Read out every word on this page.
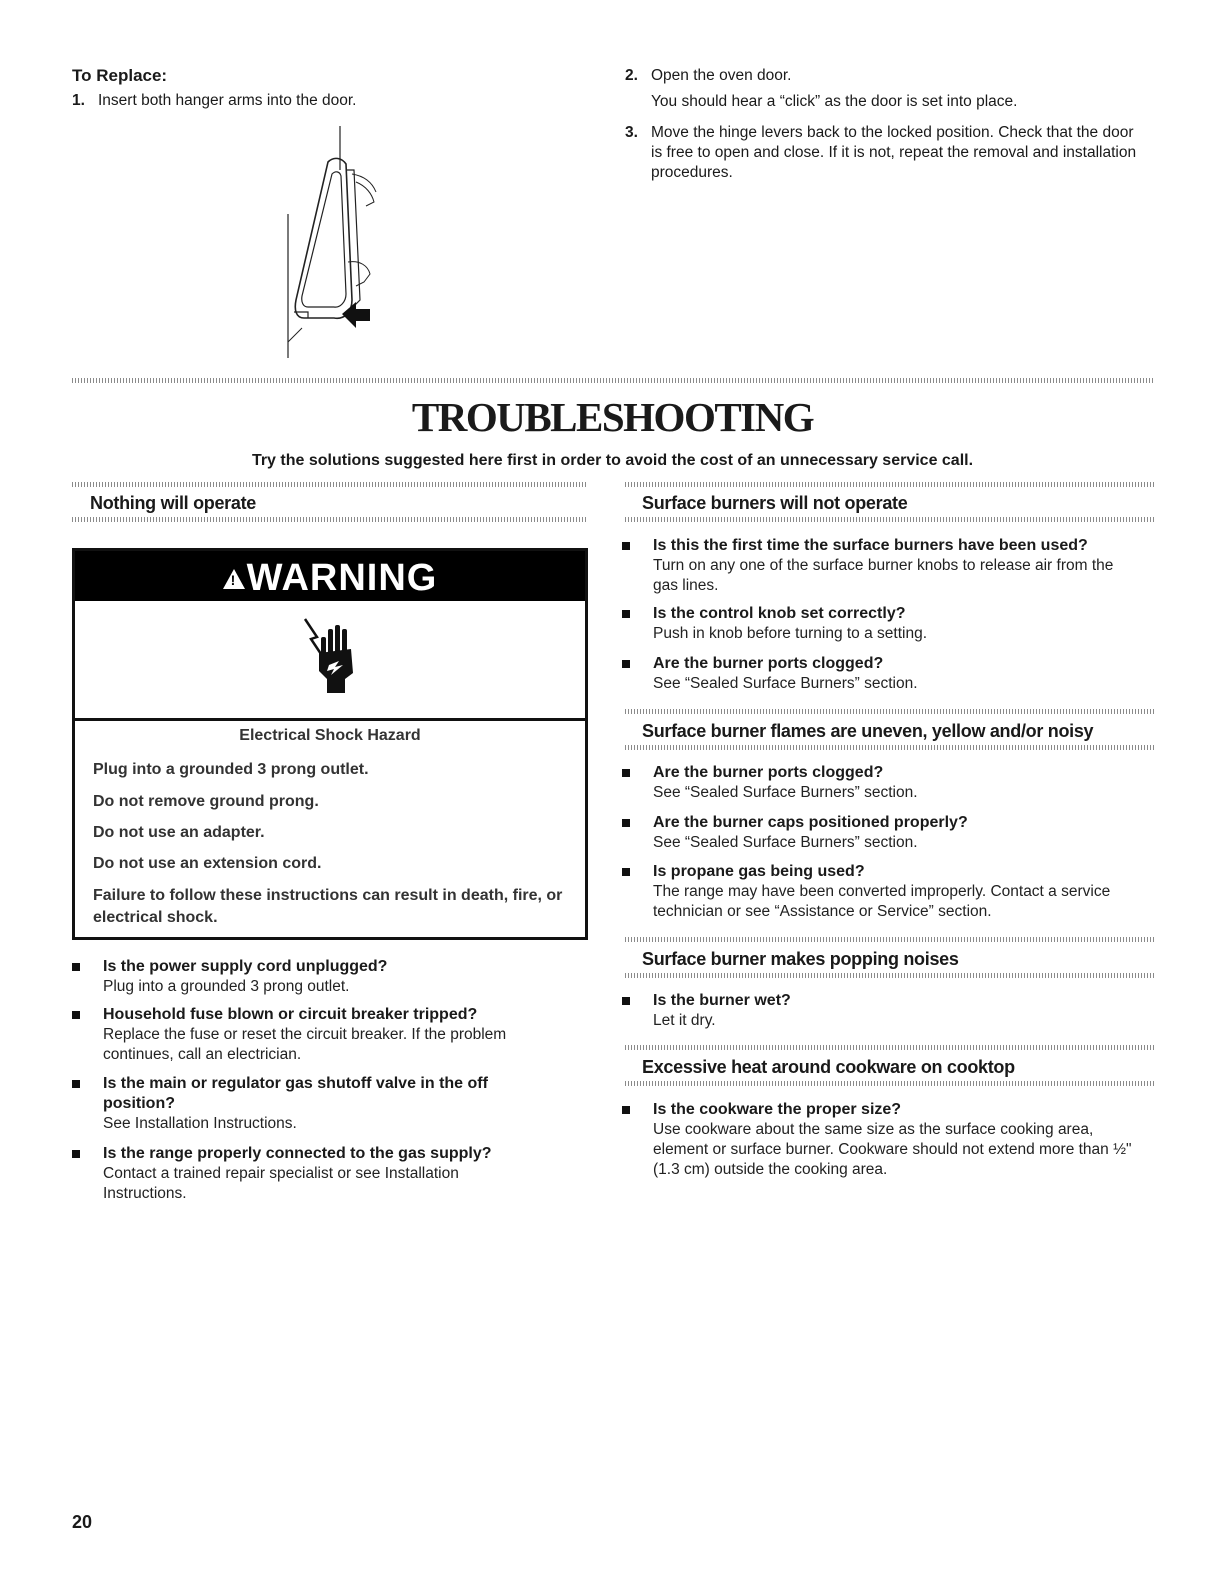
To Replace:
1. Insert both hanger arms into the door.
2. Open the oven door.
You should hear a “click” as the door is set into place.
3. Move the hinge levers back to the locked position. Check that the door is free to open and close. If it is not, repeat the removal and installation procedures.
TROUBLESHOOTING
Try the solutions suggested here first in order to avoid the cost of an unnecessary service call.
Nothing will operate
!WARNING
Electrical Shock Hazard
Plug into a grounded 3 prong outlet.
Do not remove ground prong.
Do not use an adapter.
Do not use an extension cord.
Failure to follow these instructions can result in death, fire, or electrical shock.
Is the power supply cord unplugged?
Plug into a grounded 3 prong outlet.
Household fuse blown or circuit breaker tripped?
Replace the fuse or reset the circuit breaker. If the problem continues, call an electrician.
Is the main or regulator gas shutoff valve in the off position?
See Installation Instructions.
Is the range properly connected to the gas supply?
Contact a trained repair specialist or see Installation Instructions.
Surface burners will not operate
Is this the first time the surface burners have been used?
Turn on any one of the surface burner knobs to release air from the gas lines.
Is the control knob set correctly?
Push in knob before turning to a setting.
Are the burner ports clogged?
See “Sealed Surface Burners” section.
Surface burner flames are uneven, yellow and/or noisy
Are the burner ports clogged?
See “Sealed Surface Burners” section.
Are the burner caps positioned properly?
See “Sealed Surface Burners” section.
Is propane gas being used?
The range may have been converted improperly. Contact a service technician or see “Assistance or Service” section.
Surface burner makes popping noises
Is the burner wet?
Let it dry.
Excessive heat around cookware on cooktop
Is the cookware the proper size?
Use cookware about the same size as the surface cooking area, element or surface burner. Cookware should not extend more than ½" (1.3 cm) outside the cooking area.
20
